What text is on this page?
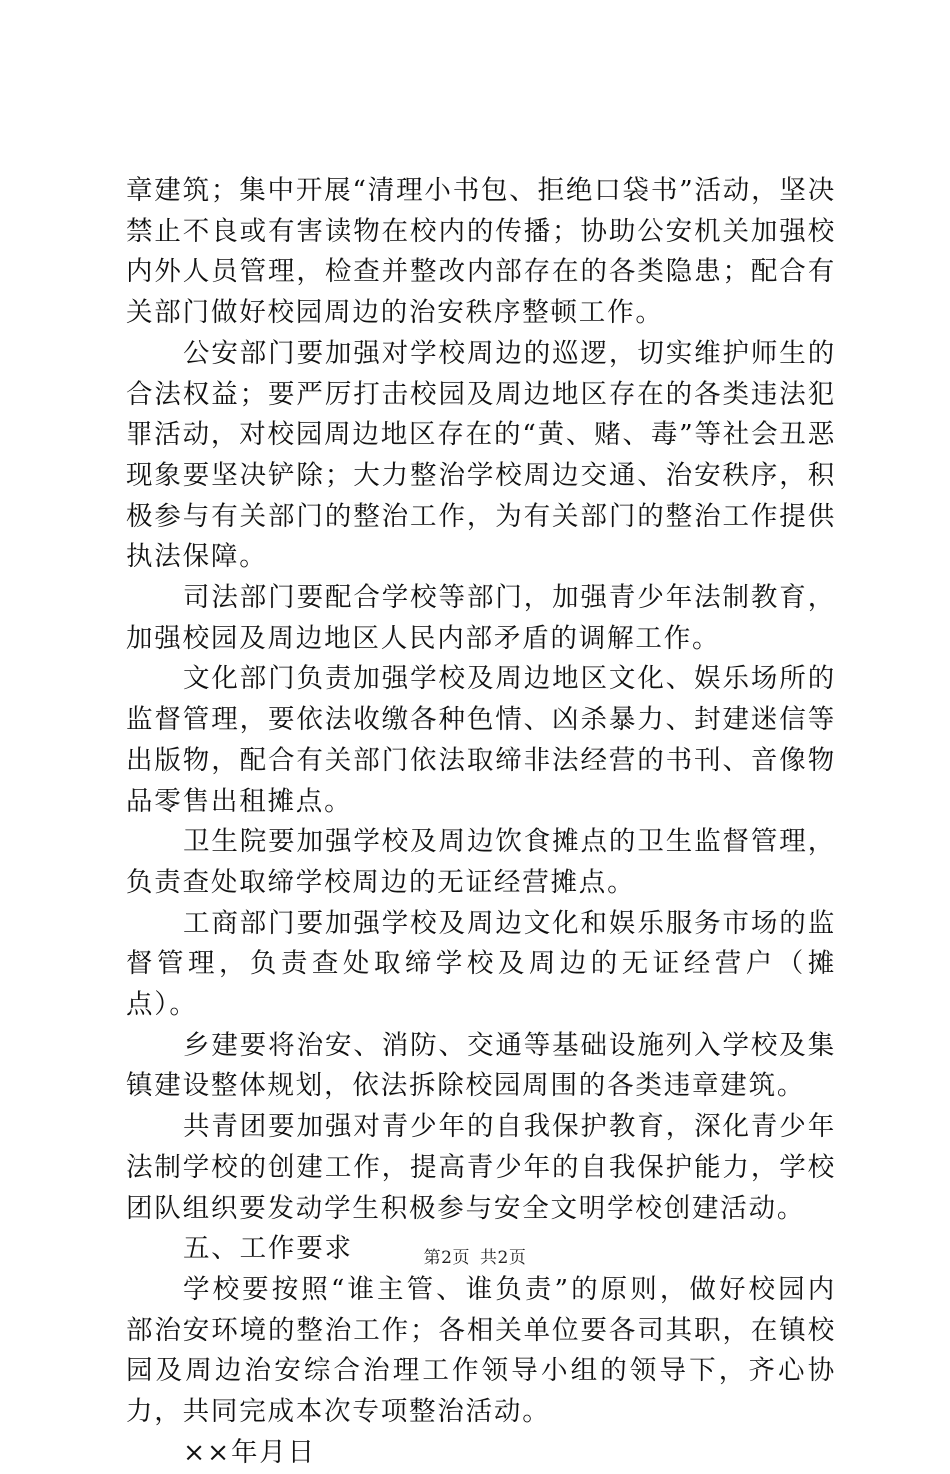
章建筑；集中开展“清理小书包、拒绝口袋书”活动，坚决禁止不良或有害读物在校内的传播；协助公安机关加强校内外人员管理，检查并整改内部存在的各类隐患；配合有关部门做好校园周边的治安秩序整顿工作。

公安部门要加强对学校周边的巡逻，切实维护师生的合法权益；要严厉打击校园及周边地区存在的各类违法犯罪活动，对校园周边地区存在的“黄、赌、毒”等社会丑恶现象要坚决铲除；大力整治学校周边交通、治安秩序，积极参与有关部门的整治工作，为有关部门的整治工作提供执法保障。

司法部门要配合学校等部门，加强青少年法制教育，加强校园及周边地区人民内部矛盾的调解工作。

文化部门负责加强学校及周边地区文化、娱乐场所的监督管理，要依法收缴各种色情、凶杀暴力、封建迷信等出版物，配合有关部门依法取缔非法经营的书刊、音像物品零售出租摊点。

卫生院要加强学校及周边饮食摊点的卫生监督管理，负责查处取缔学校周边的无证经营摊点。

工商部门要加强学校及周边文化和娱乐服务市场的监督管理，负责查处取缔学校及周边的无证经营户（摊点）。

乡建要将治安、消防、交通等基础设施列入学校及集镇建设整体规划，依法拆除校园周围的各类违章建筑。

共青团要加强对青少年的自我保护教育，深化青少年法制学校的创建工作，提高青少年的自我保护能力，学校团队组织要发动学生积极参与安全文明学校创建活动。

五、工作要求

学校要按照“谁主管、谁负责”的原则，做好校园内部治安环境的整治工作；各相关单位要各司其职，在镇校园及周边治安综合治理工作领导小组的领导下，齐心协力，共同完成本次专项整治活动。

××年月日

第2页 共2页
